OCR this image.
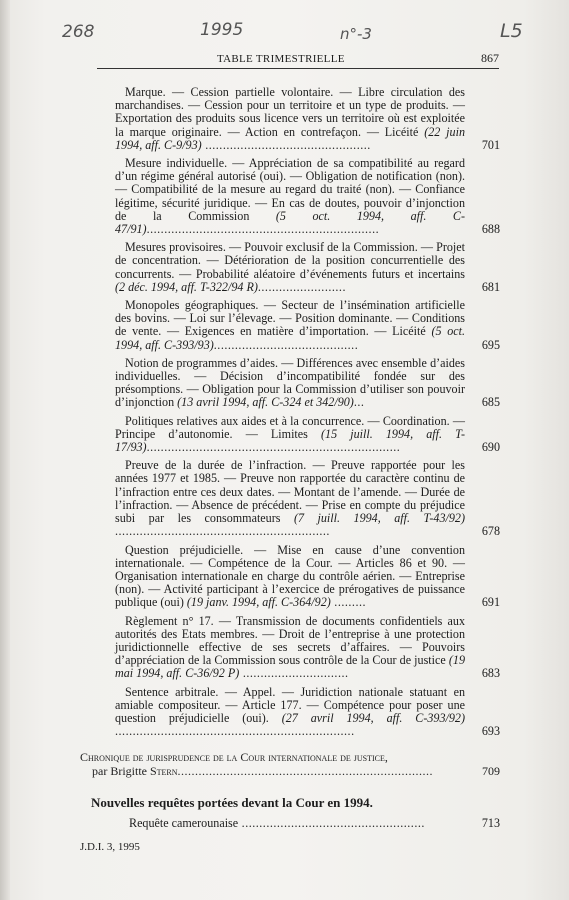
268	1995	n°-3	L5
TABLE TRIMESTRIELLE	867
Marque. — Cession partielle volontaire. — Libre circulation des marchandises. — Cession pour un territoire et un type de produits. — Exportation des produits sous licence vers un territoire où est exploitée la marque originaire. — Action en contrefaçon. — Licéité (22 juin 1994, aff. C-9/93) ...............................................	701
Mesure individuelle. — Appréciation de sa compatibilité au regard d’un régime général autorisé (oui). — Obligation de notification (non). — Compatibilité de la mesure au regard du traité (non). — Confiance légitime, sécurité juridique. — En cas de doutes, pouvoir d’injonction de la Commission (5 oct. 1994, aff. C-47/91)..................................................................	688
Mesures provisoires. — Pouvoir exclusif de la Commission. — Projet de concentration. — Détérioration de la position concurrentielle des concurrents. — Probabilité aléatoire d’événements futurs et incertains (2 déc. 1994, aff. T-322/94 R).........................	681
Monopoles géographiques. — Secteur de l’insémination artificielle des bovins. — Loi sur l’élevage. — Position dominante. — Conditions de vente. — Exigences en matière d’importation. — Licéité (5 oct. 1994, aff. C-393/93).........................................	695
Notion de programmes d’aides. — Différences avec ensemble d’aides individuelles. — Décision d’incompatibilité fondée sur des présomptions. — Obligation pour la Commission d’utiliser son pouvoir d’injonction (13 avril 1994, aff. C-324 et 342/90)...	685
Politiques relatives aux aides et à la concurrence. — Coordination. — Principe d’autonomie. — Limites (15 juill. 1994, aff. T-17/93)........................................................................	690
Preuve de la durée de l’infraction. — Preuve rapportée pour les années 1977 et 1985. — Preuve non rapportée du caractère continu de l’infraction entre ces deux dates. — Montant de l’amende. — Durée de l’infraction. — Absence de précédent. — Prise en compte du préjudice subi par les consommateurs (7 juill. 1994, aff. T-43/92) .............................................................	678
Question préjudicielle. — Mise en cause d’une convention internationale. — Compétence de la Cour. — Articles 86 et 90. — Organisation internationale en charge du contrôle aérien. — Entreprise (non). — Activité participant à l’exercice de prérogatives de puissance publique (oui) (19 janv. 1994, aff. C-364/92) .........	691
Règlement n° 17. — Transmission de documents confidentiels aux autorités des Etats membres. — Droit de l’entreprise à une protection juridictionnelle effective de ses secrets d’affaires. — Pouvoirs d’appréciation de la Commission sous contrôle de la Cour de justice (19 mai 1994, aff. C-36/92 P) ..............................	683
Sentence arbitrale. — Appel. — Juridiction nationale statuant en amiable compositeur. — Article 177. — Compétence pour poser une question préjudicielle (oui). (27 avril 1994, aff. C-393/92) ....................................................................	693
Chronique de jurisprudence de la Cour internationale de justice,
par Brigitte Stern.........................................................................	709
Nouvelles requêtes portées devant la Cour en 1994.
Requête camerounaise ....................................................	713
J.D.I. 3, 1995
